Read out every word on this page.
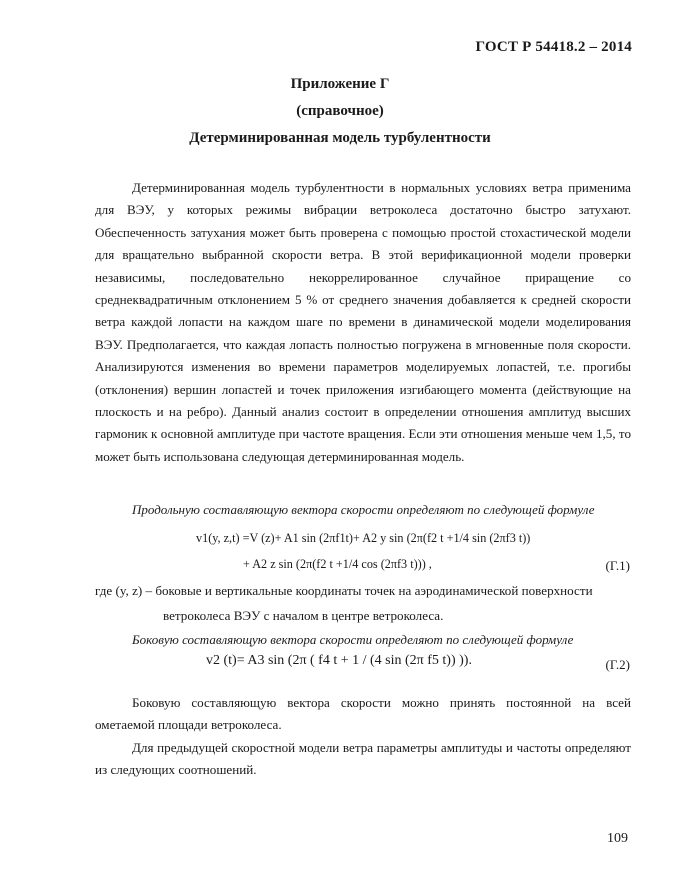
ГОСТ Р 54418.2 – 2014
Приложение Г
(справочное)
Детерминированная модель турбулентности
Детерминированная модель турбулентности в нормальных условиях ветра применима для ВЭУ, у которых режимы вибрации ветроколеса достаточно быстро затухают. Обеспеченность затухания может быть проверена с помощью простой стохастической модели для вращательно выбранной скорости ветра. В этой верификационной модели проверки независимы, последовательно некоррелированное случайное приращение со среднеквадратичным отклонением 5 % от среднего значения добавляется к средней скорости ветра каждой лопасти на каждом шаге по времени в динамической модели моделирования ВЭУ. Предполагается, что каждая лопасть полностью погружена в мгновенные поля скорости. Анализируются изменения во времени параметров моделируемых лопастей, т.е. прогибы (отклонения) вершин лопастей и точек приложения изгибающего момента (действующие на плоскость и на ребро). Данный анализ состоит в определении отношения амплитуд высших гармоник к основной амплитуде при частоте вращения. Если эти отношения меньше чем 1,5, то может быть использована следующая детерминированная модель.
Продольную составляющую вектора скорости определяют по следующей формуле
v1(y, z,t) =V (z)+ A1 sin (2πf1t)+ A2 y sin (2π(f2 t +1/4 sin (2πf3 t))
+ A2 z sin (2π(f2 t +1/4 cos (2πf3 t))) ,	(Г.1)
где (y, z) – боковые и вертикальные координаты точек на аэродинамической поверхности
ветроколеса ВЭУ с началом в центре ветроколеса.
Боковую составляющую вектора скорости определяют по следующей формуле
v2 (t)= A3 sin (2π ( f4 t + 1 / (4 sin (2π f5 t)) )).	(Г.2)
Боковую составляющую вектора скорости можно принять постоянной на всей ометаемой площади ветроколеса.
Для предыдущей скоростной модели ветра параметры амплитуды и частоты определяют из следующих соотношений.
109
